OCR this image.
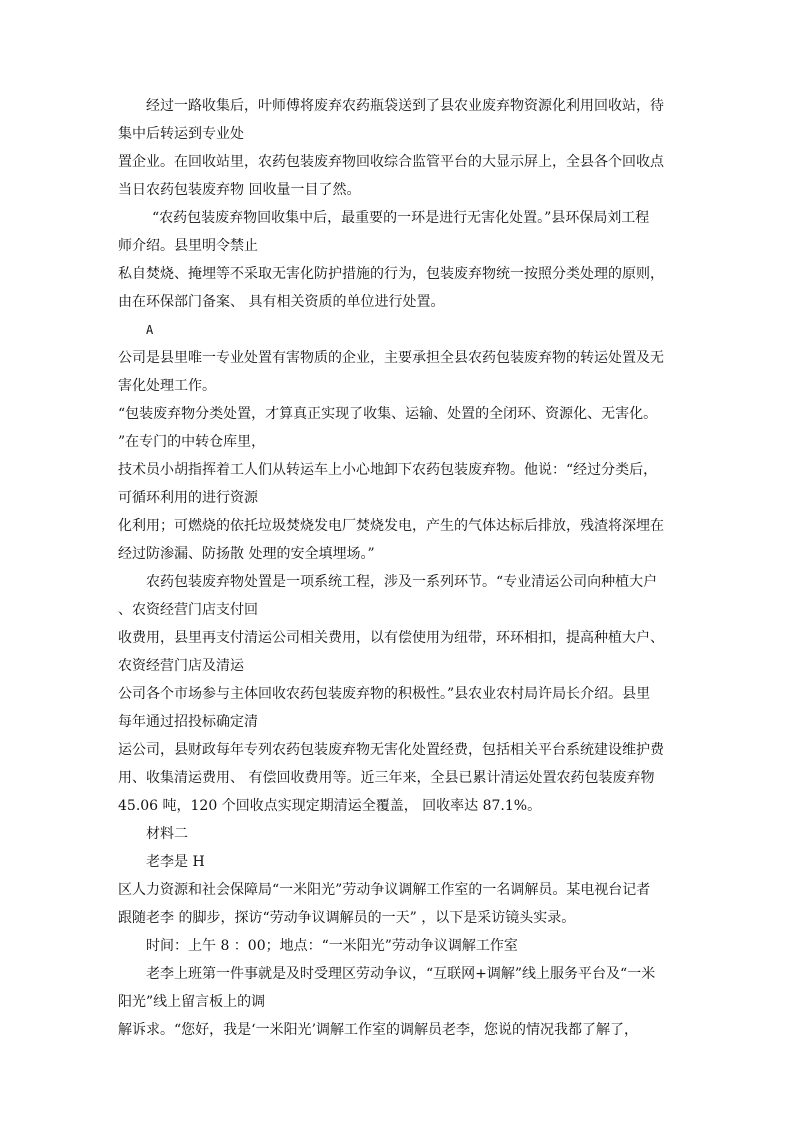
经过一路收集后，叶师傅将废弃农药瓶袋送到了县农业废弃物资源化利用回收站，待
集中后转运到专业处
置企业。在回收站里，农药包装废弃物回收综合监管平台的大显示屏上，全县各个回收点
当日农药包装废弃物 回收量一目了然。
“农药包装废弃物回收集中后，最重要的一环是进行无害化处置。”县环保局刘工程
师介绍。县里明令禁止
私自焚烧、掩埋等不采取无害化防护措施的行为，包装废弃物统一按照分类处理的原则，
由在环保部门备案、 具有相关资质的单位进行处置。
A
公司是县里唯一专业处置有害物质的企业，主要承担全县农药包装废弃物的转运处置及无
害化处理工作。
“包装废弃物分类处置，才算真正实现了收集、运输、处置的全闭环、资源化、无害化。
”在专门的中转仓库里，
技术员小胡指挥着工人们从转运车上小心地卸下农药包装废弃物。他说：“经过分类后，
可循环利用的进行资源
化利用；可燃烧的依托垃圾焚烧发电厂焚烧发电，产生的气体达标后排放，残渣将深埋在
经过防渗漏、防扬散 处理的安全填埋场。”
农药包装废弃物处置是一项系统工程，涉及一系列环节。“专业清运公司向种植大户
、农资经营门店支付回
收费用，县里再支付清运公司相关费用，以有偿使用为纽带，环环相扣，提高种植大户、
农资经营门店及清运
公司各个市场参与主体回收农药包装废弃物的积极性。”县农业农村局许局长介绍。县里
每年通过招投标确定清
运公司，县财政每年专列农药包装废弃物无害化处置经费，包括相关平台系统建设维护费
用、收集清运费用、 有偿回收费用等。近三年来，全县已累计清运处置农药包装废弃物
45.06 吨，120 个回收点实现定期清运全覆盖， 回收率达 87.1%。
材料二
老李是 H
区人力资源和社会保障局“一米阳光”劳动争议调解工作室的一名调解员。某电视台记者
跟随老李 的脚步，探访“劳动争议调解员的一天” ，以下是采访镜头实录。
时间：上午 8 ：00；地点：“一米阳光”劳动争议调解工作室
老李上班第一件事就是及时受理区劳动争议，“互联网+调解”线上服务平台及“一米
阳光”线上留言板上的调
解诉求。“您好，我是‘一米阳光’调解工作室的调解员老李，您说的情况我都了解了，
